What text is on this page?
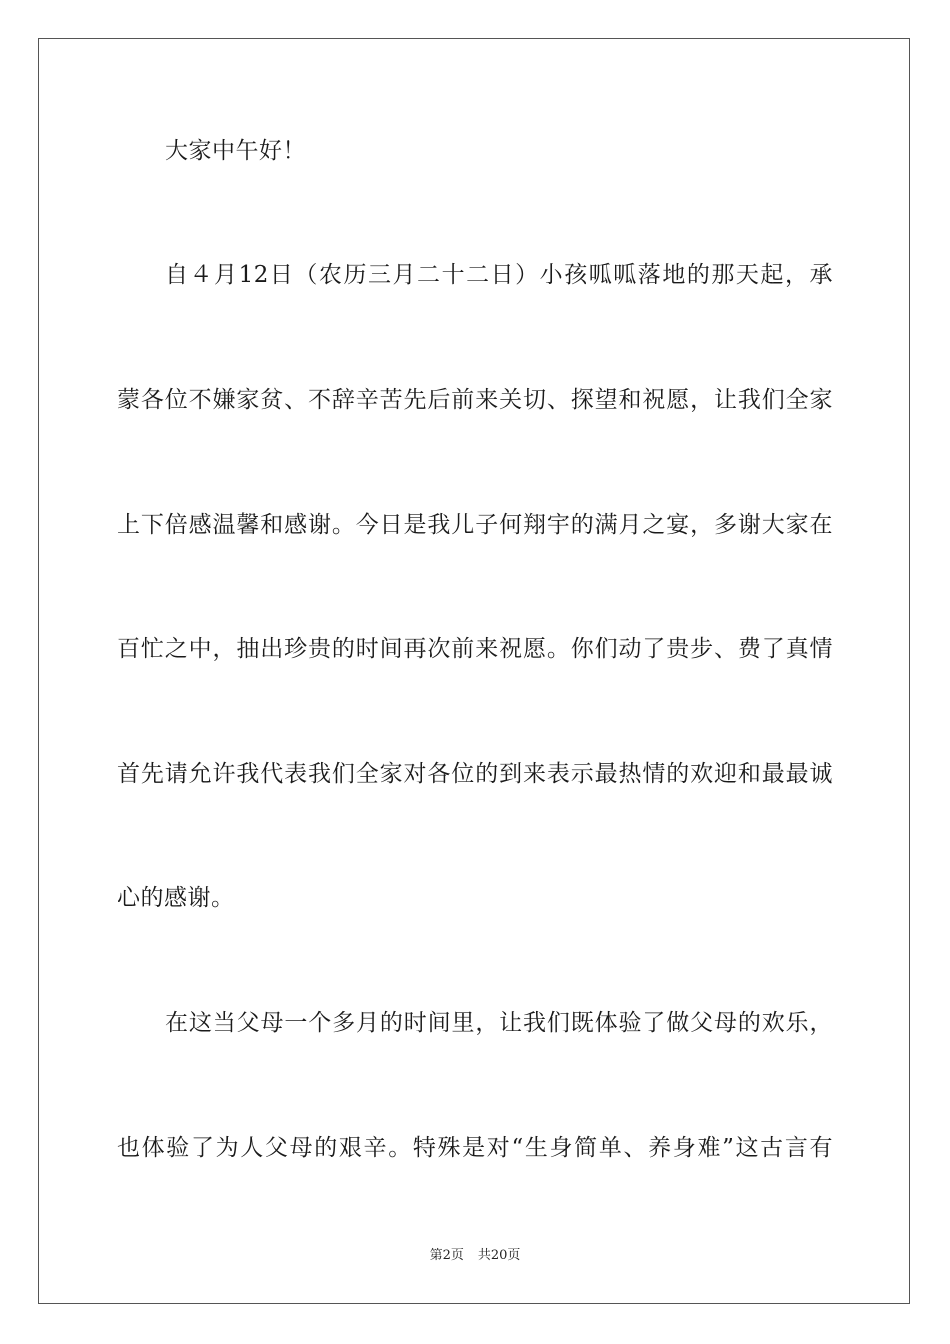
大家中午好！
自４月12日（农历三月二十二日）小孩呱呱落地的那天起，承
蒙各位不嫌家贫、不辞辛苦先后前来关切、探望和祝愿，让我们全家
上下倍感温馨和感谢。今日是我儿子何翔宇的满月之宴，多谢大家在
百忙之中，抽出珍贵的时间再次前来祝愿。你们动了贵步、费了真情
首先请允许我代表我们全家对各位的到来表示最热情的欢迎和最最诚
心的感谢。
在这当父母一个多月的时间里，让我们既体验了做父母的欢乐，
也体验了为人父母的艰辛。特殊是对“生身简单、养身难”这古言有
第2页 共20页
